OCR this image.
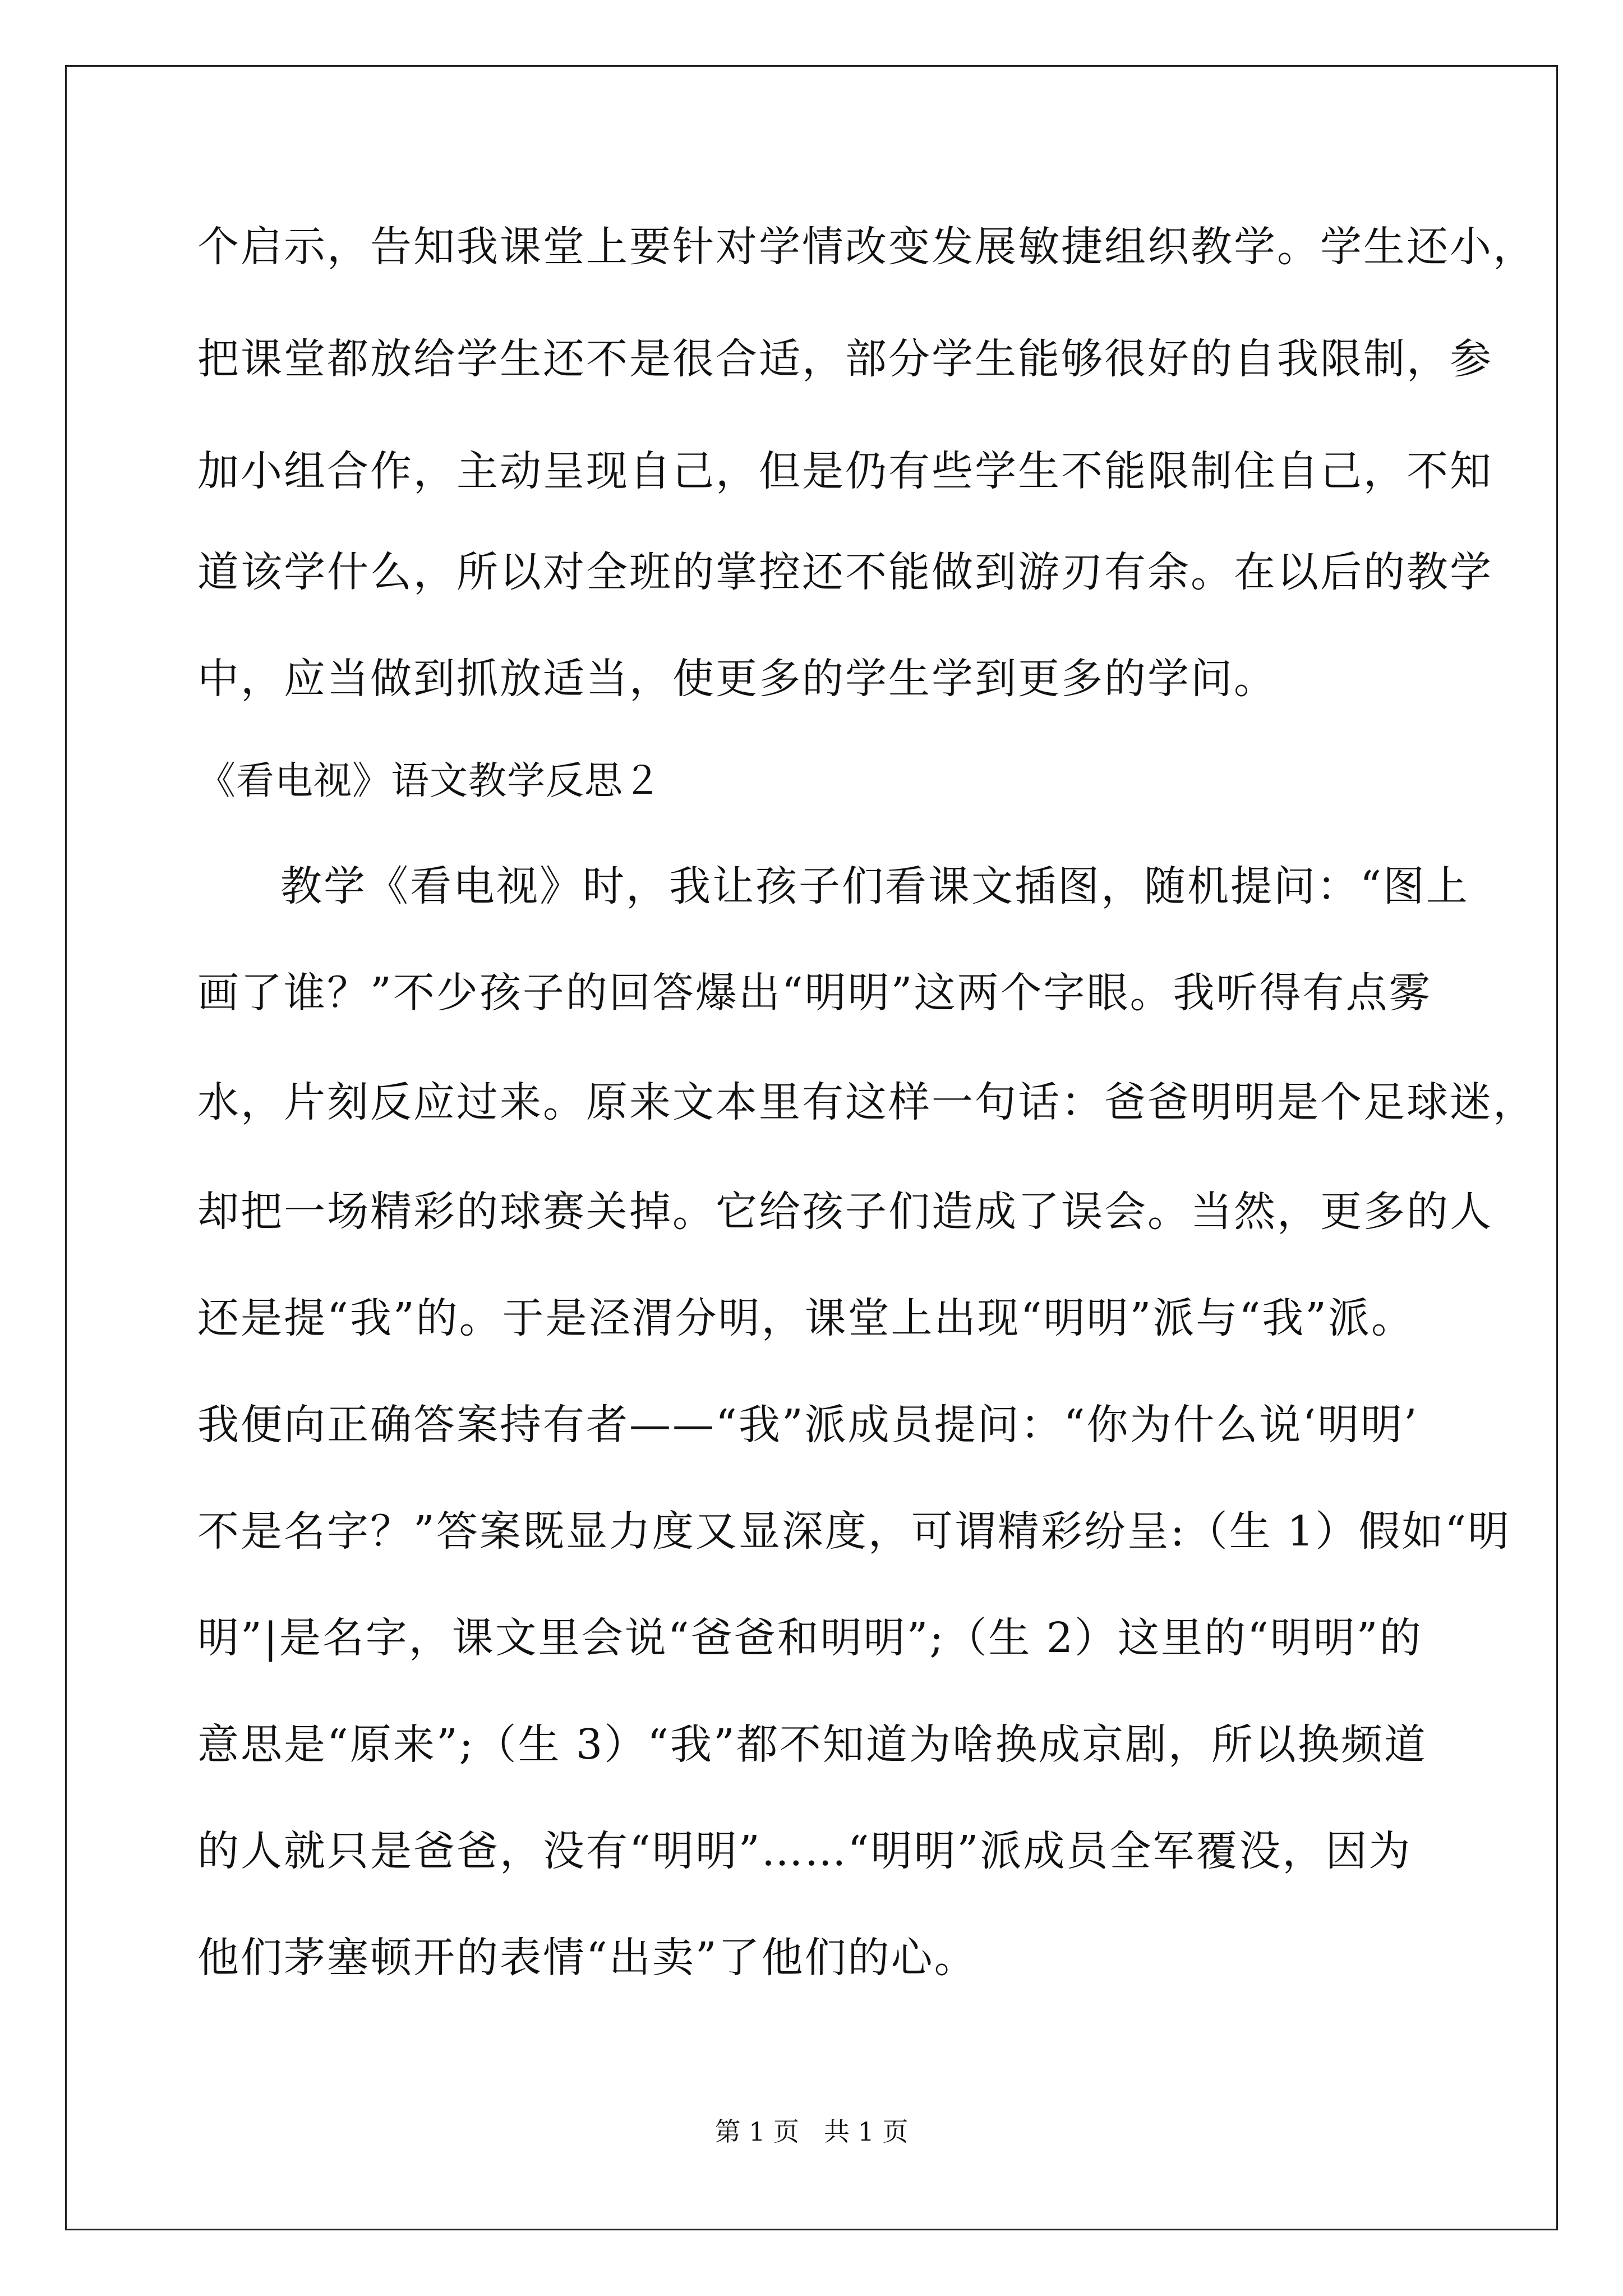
个启示，告知我课堂上要针对学情改变发展敏捷组织教学。学生还小，

把课堂都放给学生还不是很合适，部分学生能够很好的自我限制，参

加小组合作，主动呈现自己，但是仍有些学生不能限制住自己，不知

道该学什么，所以对全班的掌控还不能做到游刃有余。在以后的教学

中，应当做到抓放适当，使更多的学生学到更多的学问。

《看电视》语文教学反思２

教学《看电视》时，我让孩子们看课文插图，随机提问：“图上

画了谁？”不少孩子的回答爆出“明明”这两个字眼。我听得有点雾

水，片刻反应过来。原来文本里有这样一句话：爸爸明明是个足球迷，

却把一场精彩的球赛关掉。它给孩子们造成了误会。当然，更多的人

还是提“我”的。于是泾渭分明，课堂上出现“明明”派与“我”派。

我便向正确答案持有者——“我”派成员提问：“你为什么说‘明明’

不是名字？”答案既显力度又显深度，可谓精彩纷呈:（生 1）假如“明

明”|是名字，课文里会说“爸爸和明明”;（生 2）这里的“明明”的

意思是“原来”;（生 3）“我”都不知道为啥换成京剧，所以换频道

的人就只是爸爸，没有“明明”……“明明”派成员全军覆没，因为

他们茅塞顿开的表情“出卖”了他们的心。

第 1 页 共 1 页
